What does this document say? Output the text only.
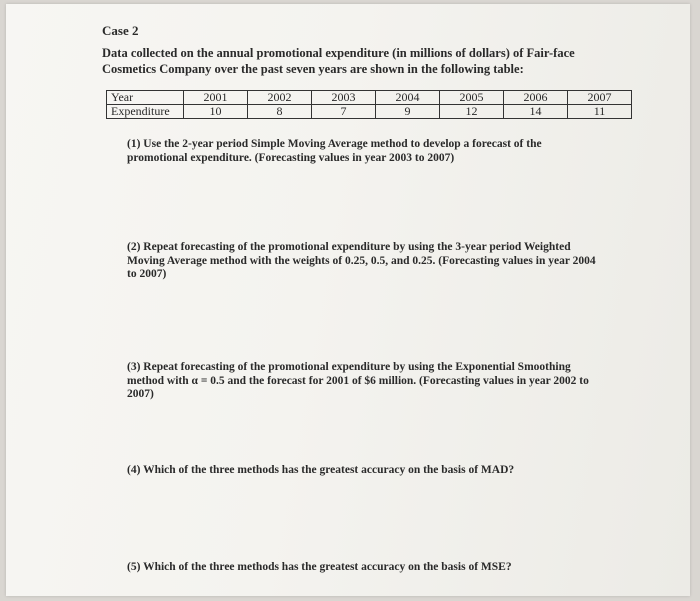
Case 2
Data collected on the annual promotional expenditure (in millions of dollars) of Fair-face Cosmetics Company over the past seven years are shown in the following table:
Year	2001	2002	2003	2004	2005	2006	2007
Expenditure	10	8	7	9	12	14	11
(1) Use the 2-year period Simple Moving Average method to develop a forecast of the promotional expenditure. (Forecasting values in year 2003 to 2007)
(2) Repeat forecasting of the promotional expenditure by using the 3-year period Weighted Moving Average method with the weights of 0.25, 0.5, and 0.25. (Forecasting values in year 2004 to 2007)
(3) Repeat forecasting of the promotional expenditure by using the Exponential Smoothing method with α = 0.5 and the forecast for 2001 of $6 million. (Forecasting values in year 2002 to 2007)
(4) Which of the three methods has the greatest accuracy on the basis of MAD?
(5) Which of the three methods has the greatest accuracy on the basis of MSE?
